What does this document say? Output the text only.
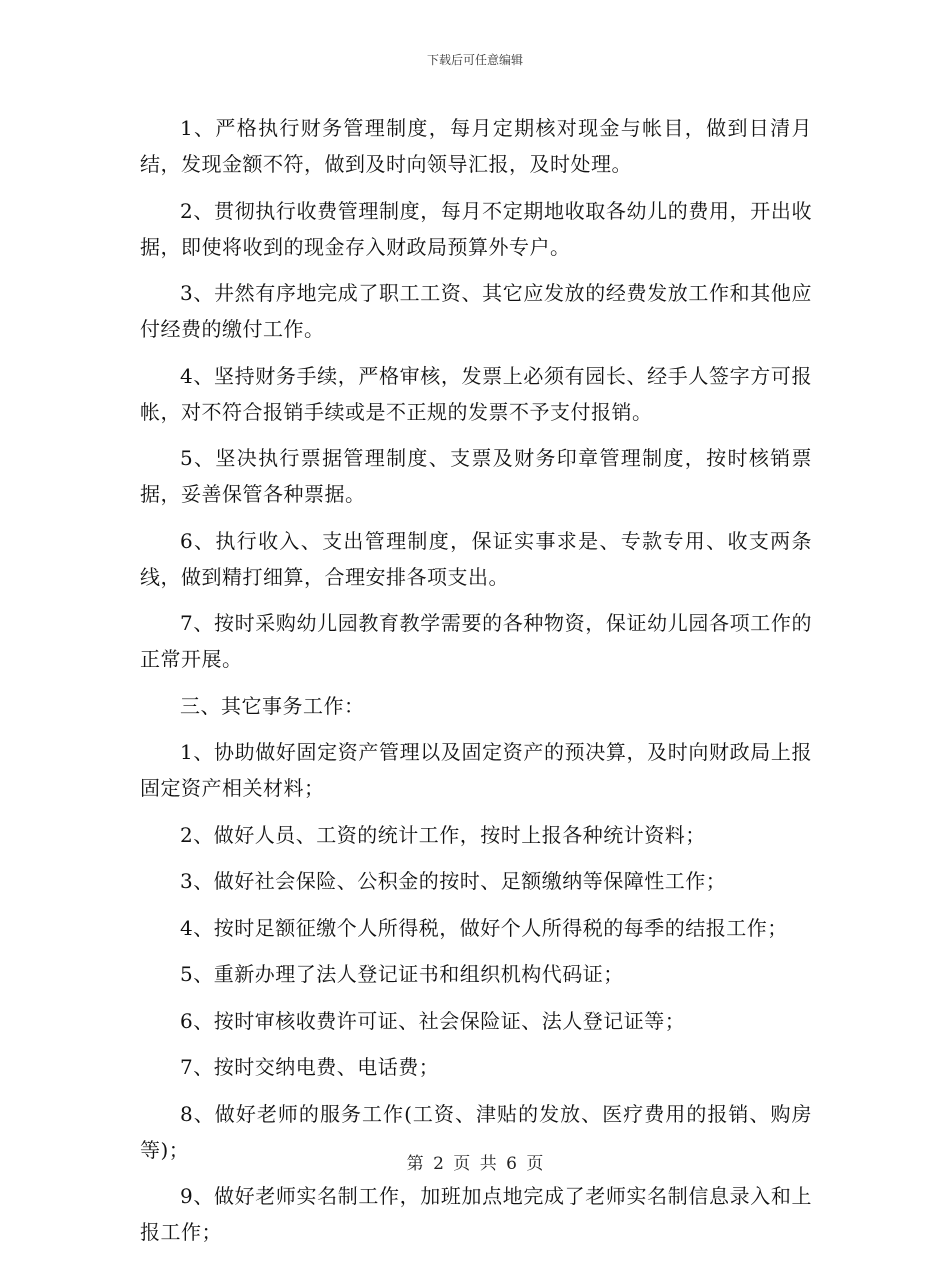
下载后可任意编辑

1、严格执行财务管理制度，每月定期核对现金与帐目，做到日清月结，发现金额不符，做到及时向领导汇报，及时处理。

2、贯彻执行收费管理制度，每月不定期地收取各幼儿的费用，开出收据，即使将收到的现金存入财政局预算外专户。

3、井然有序地完成了职工工资、其它应发放的经费发放工作和其他应付经费的缴付工作。

4、坚持财务手续，严格审核，发票上必须有园长、经手人签字方可报帐，对不符合报销手续或是不正规的发票不予支付报销。

5、坚决执行票据管理制度、支票及财务印章管理制度，按时核销票据，妥善保管各种票据。

6、执行收入、支出管理制度，保证实事求是、专款专用、收支两条线，做到精打细算，合理安排各项支出。

7、按时采购幼儿园教育教学需要的各种物资，保证幼儿园各项工作的正常开展。

三、其它事务工作：

1、协助做好固定资产管理以及固定资产的预决算，及时向财政局上报固定资产相关材料；

2、做好人员、工资的统计工作，按时上报各种统计资料；

3、做好社会保险、公积金的按时、足额缴纳等保障性工作；

4、按时足额征缴个人所得税，做好个人所得税的每季的结报工作；

5、重新办理了法人登记证书和组织机构代码证；

6、按时审核收费许可证、社会保险证、法人登记证等；

7、按时交纳电费、电话费；

8、做好老师的服务工作(工资、津贴的发放、医疗费用的报销、购房等)；

9、做好老师实名制工作，加班加点地完成了老师实名制信息录入和上报工作；

第 2 页 共 6 页
